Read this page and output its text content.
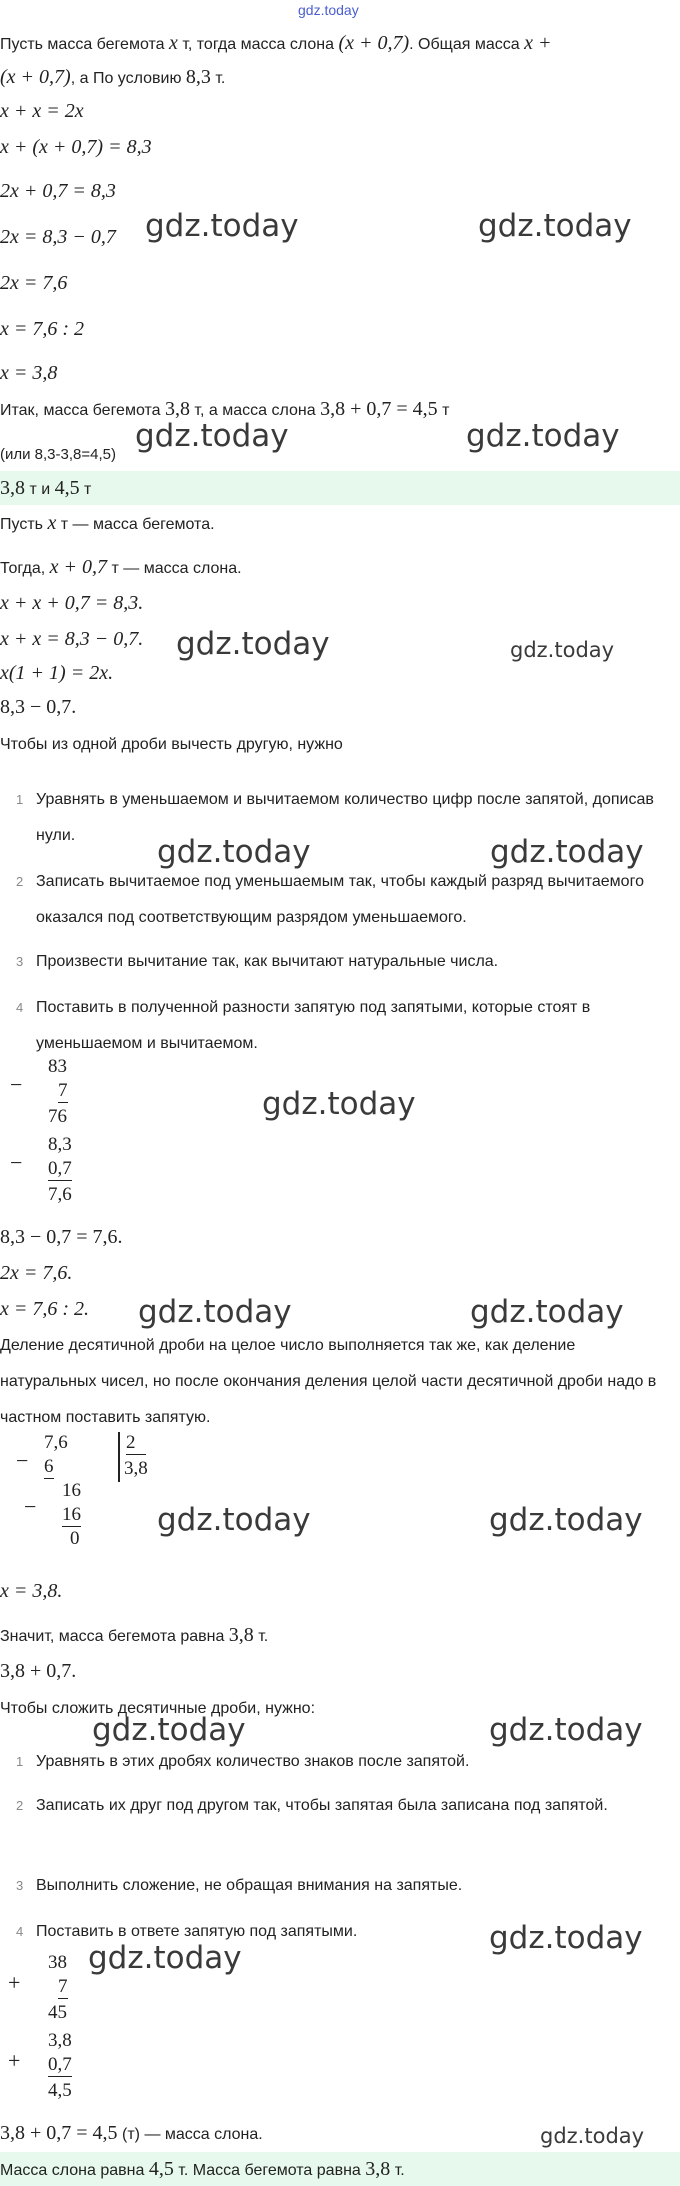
gdz.today
Пусть масса бегемота x т, тогда масса слона (x + 0,7). Общая масса x +
(x + 0,7), а По условию 8,3 т.
x + x = 2x
x + (x + 0,7) = 8,3
2x + 0,7 = 8,3
2x = 8,3 − 0,7
2x = 7,6
x = 7,6 : 2
x = 3,8
Итак, масса бегемота 3,8 т, а масса слона 3,8 + 0,7 = 4,5 т
(или 8,3-3,8=4,5)
3,8 т и 4,5 т
Пусть x т — масса бегемота.
Тогда, x + 0,7 т — масса слона.
x + x + 0,7 = 8,3.
x + x = 8,3 − 0,7.
x(1 + 1) = 2x.
8,3 − 0,7.
Чтобы из одной дроби вычесть другую, нужно
1 Уравнять в уменьшаемом и вычитаемом количество цифр после запятой, дописав нули.
2 Записать вычитаемое под уменьшаемым так, чтобы каждый разряд вычитаемого оказался под соответствующим разрядом уменьшаемого.
3 Произвести вычитание так, как вычитают натуральные числа.
4 Поставить в полученной разности запятую под запятыми, которые стоят в уменьшаемом и вычитаемом.
−
83
7
76
−
8,3
0,7
7,6
8,3 − 0,7 = 7,6.
2x = 7,6.
x = 7,6 : 2.
Деление десятичной дроби на целое число выполняется так же, как деление натуральных чисел, но после окончания деления целой части десятичной дроби надо в частном поставить запятую.
−
7,6
6
2
3,8
−
16
16
0
x = 3,8.
Значит, масса бегемота равна 3,8 т.
3,8 + 0,7.
Чтобы сложить десятичные дроби, нужно:
1 Уравнять в этих дробях количество знаков после запятой.
2 Записать их друг под другом так, чтобы запятая была записана под запятой.
3 Выполнить сложение, не обращая внимания на запятые.
4 Поставить в ответе запятую под запятыми.
+
38
7
45
+
3,8
0,7
4,5
3,8 + 0,7 = 4,5 (т) — масса слона.
Масса слона равна 4,5 т. Масса бегемота равна 3,8 т.
gdz.today	gdz.today
gdz.today	gdz.today
gdz.today	gdz.today
gdz.today	gdz.today
gdz.today
gdz.today	gdz.today
gdz.today	gdz.today
gdz.today	gdz.today
gdz.today
gdz.today
gdz.today
